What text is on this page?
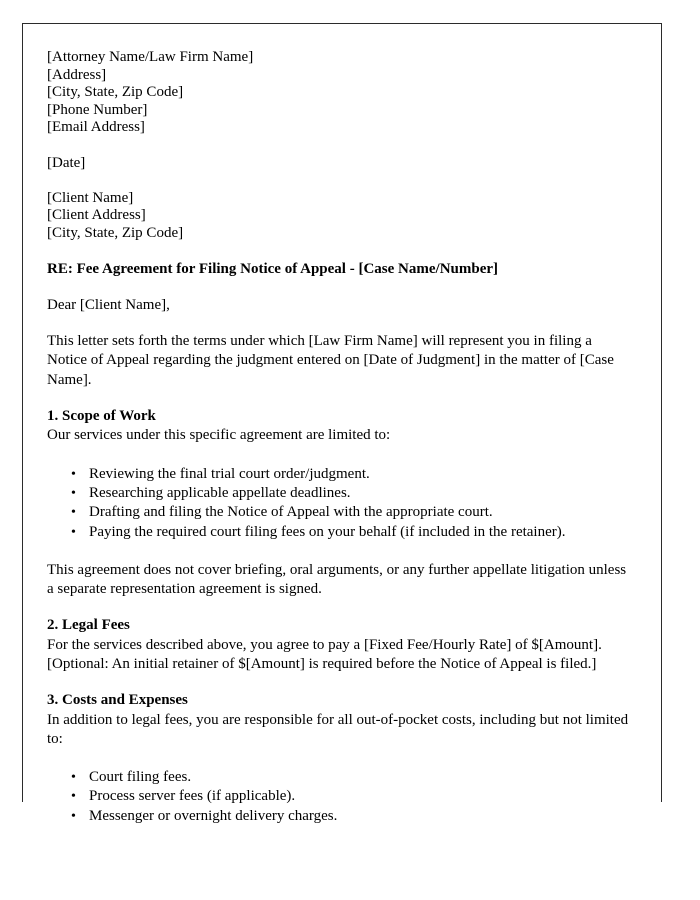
[Attorney Name/Law Firm Name]
[Address]
[City, State, Zip Code]
[Phone Number]
[Email Address]
[Date]
[Client Name]
[Client Address]
[City, State, Zip Code]

RE: Fee Agreement for Filing Notice of Appeal - [Case Name/Number]

Dear [Client Name],

This letter sets forth the terms under which [Law Firm Name] will represent you in filing a Notice of Appeal regarding the judgment entered on [Date of Judgment] in the matter of [Case Name].

1. Scope of Work

Our services under this specific agreement are limited to:

• Reviewing the final trial court order/judgment.
• Researching applicable appellate deadlines.
• Drafting and filing the Notice of Appeal with the appropriate court.
• Paying the required court filing fees on your behalf (if included in the retainer).

This agreement does not cover briefing, oral arguments, or any further appellate litigation unless a separate representation agreement is signed.

2. Legal Fees

For the services described above, you agree to pay a [Fixed Fee/Hourly Rate] of $[Amount]. [Optional: An initial retainer of $[Amount] is required before the Notice of Appeal is filed.]

3. Costs and Expenses

In addition to legal fees, you are responsible for all out-of-pocket costs, including but not limited to:

• Court filing fees.
• Process server fees (if applicable).
• Messenger or overnight delivery charges.
